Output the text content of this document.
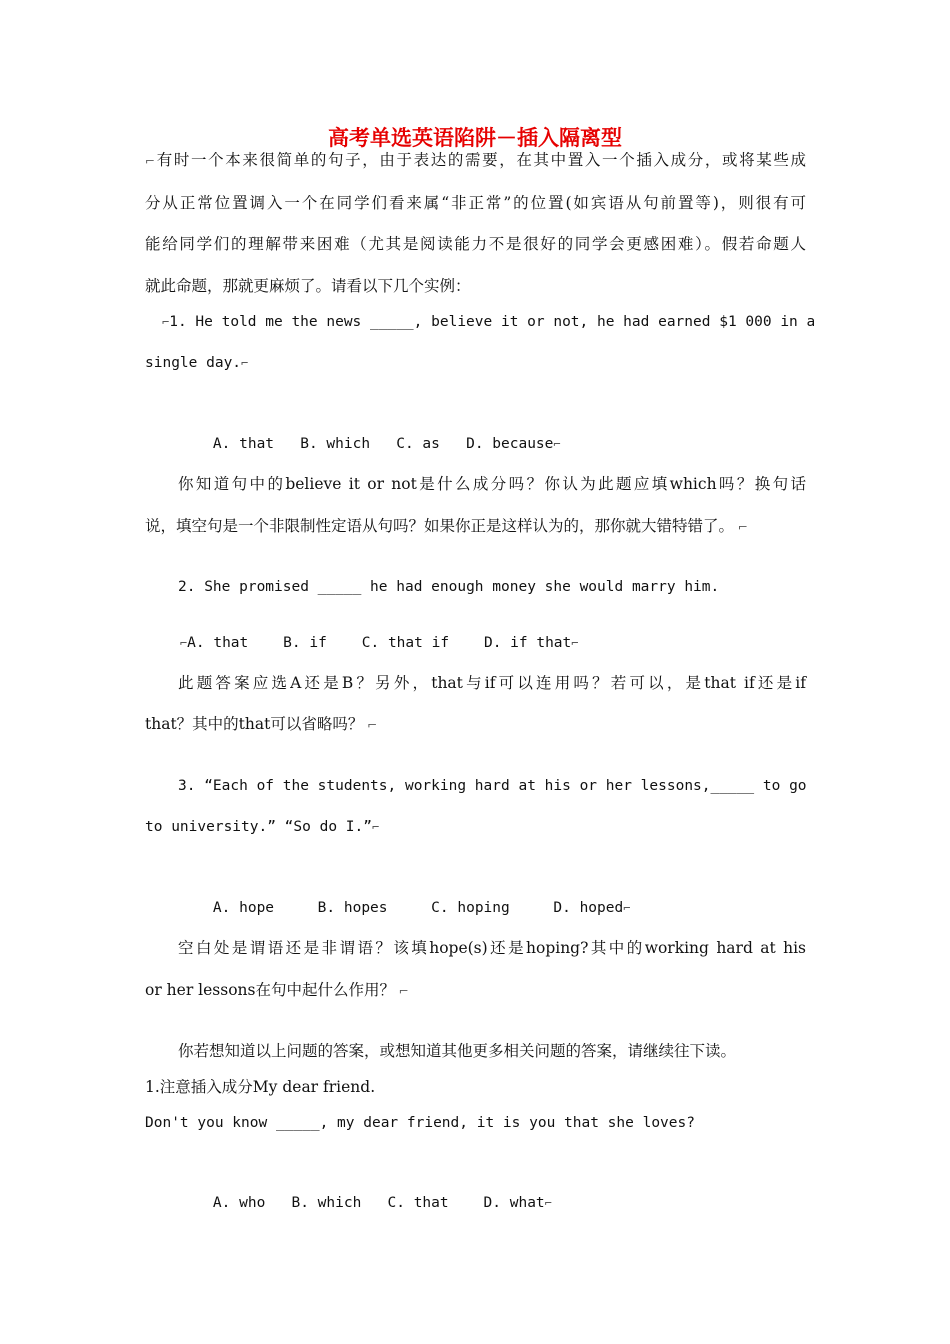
高考单选英语陷阱－插入隔离型
⌐有时一个本来很简单的句子，由于表达的需要，在其中置入一个插入成分，或将某些成
分从正常位置调入一个在同学们看来属“非正常”的位置(如宾语从句前置等)，则很有可
能给同学们的理解带来困难（尤其是阅读能力不是很好的同学会更感困难）。假若命题人
就此命题，那就更麻烦了。请看以下几个实例：
⌐1. He told me the news _____, believe it or not, he had earned $1 000 in a
single day.⌐

A. that   B. which   C. as   D. because⌐

你知道句中的believe it or not是什么成分吗？你认为此题应填which吗？换句话
说，填空句是一个非限制性定语从句吗？如果你正是这样认为的，那你就大错特错了。 ⌐
2. She promised _____ he had enough money she would marry him.

⌐A. that    B. if    C. that if    D. if that⌐

此题答案应选A还是B？另外，that与if可以连用吗？若可以，是that if还是if
that？其中的that可以省略吗？ ⌐
3. “Each of the students, working hard at his or her lessons,_____ to go
to university.” “So do I.”⌐

A. hope     B. hopes     C. hoping     D. hoped⌐

空白处是谓语还是非谓语？该填hope(s)还是hoping?其中的working hard at his
or her lessons在句中起什么作用？ ⌐
你若想知道以上问题的答案，或想知道其他更多相关问题的答案，请继续往下读。
1.注意插入成分My dear friend.
Don't you know _____, my dear friend, it is you that she loves?

A. who   B. which   C. that    D. what⌐
